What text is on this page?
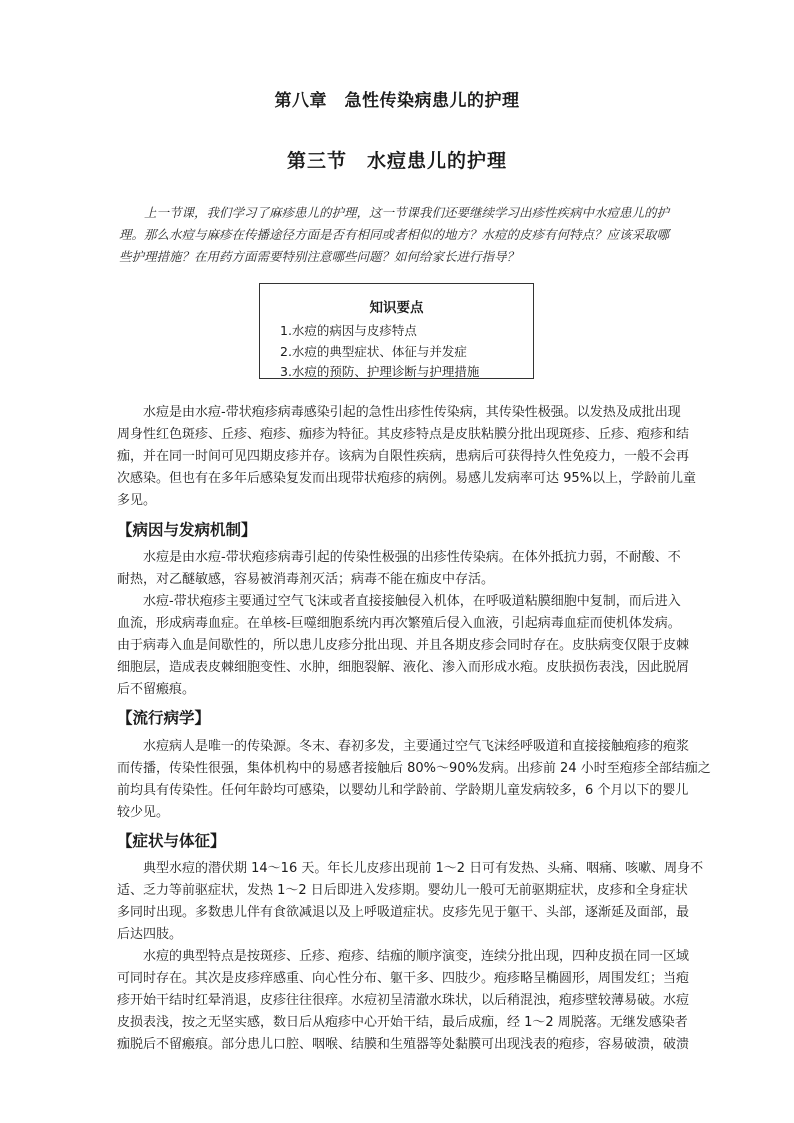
第八章　急性传染病患儿的护理
第三节　水痘患儿的护理
　　上一节课，我们学习了麻疹患儿的护理，这一节课我们还要继续学习出疹性疾病中水痘患儿的护
理。那么水痘与麻疹在传播途径方面是否有相同或者相似的地方？水痘的皮疹有何特点？应该采取哪
些护理措施？在用药方面需要特别注意哪些问题？如何给家长进行指导？
知识要点
1.水痘的病因与皮疹特点
2.水痘的典型症状、体征与并发症
3.水痘的预防、护理诊断与护理措施
　　水痘是由水痘-带状疱疹病毒感染引起的急性出疹性传染病，其传染性极强。以发热及成批出现
周身性红色斑疹、丘疹、疱疹、痂疹为特征。其皮疹特点是皮肤粘膜分批出现斑疹、丘疹、疱疹和结
痂，并在同一时间可见四期皮疹并存。该病为自限性疾病，患病后可获得持久性免疫力，一般不会再
次感染。但也有在多年后感染复发而出现带状疱疹的病例。易感儿发病率可达 95%以上，学龄前儿童
多见。
【病因与发病机制】
　　水痘是由水痘-带状疱疹病毒引起的传染性极强的出疹性传染病。在体外抵抗力弱，不耐酸、不
耐热，对乙醚敏感，容易被消毒剂灭活；病毒不能在痂皮中存活。
　　水痘-带状疱疹主要通过空气飞沫或者直接接触侵入机体，在呼吸道粘膜细胞中复制，而后进入
血流，形成病毒血症。在单核-巨噬细胞系统内再次繁殖后侵入血液，引起病毒血症而使机体发病。
由于病毒入血是间歇性的，所以患儿皮疹分批出现、并且各期皮疹会同时存在。皮肤病变仅限于皮棘
细胞层，造成表皮棘细胞变性、水肿，细胞裂解、液化、渗入而形成水疱。皮肤损伤表浅，因此脱屑
后不留瘢痕。
【流行病学】
　　水痘病人是唯一的传染源。冬末、春初多发，主要通过空气飞沫经呼吸道和直接接触疱疹的疱浆
而传播，传染性很强，集体机构中的易感者接触后 80%～90%发病。出疹前 24 小时至疱疹全部结痂之
前均具有传染性。任何年龄均可感染，以婴幼儿和学龄前、学龄期儿童发病较多，6 个月以下的婴儿
较少见。
【症状与体征】
　　典型水痘的潜伏期 14～16 天。年长儿皮疹出现前 1～2 日可有发热、头痛、咽痛、咳嗽、周身不
适、乏力等前驱症状，发热 1～2 日后即进入发疹期。婴幼儿一般可无前驱期症状，皮疹和全身症状
多同时出现。多数患儿伴有食欲减退以及上呼吸道症状。皮疹先见于躯干、头部，逐渐延及面部，最
后达四肢。
　　水痘的典型特点是按斑疹、丘疹、疱疹、结痂的顺序演变，连续分批出现，四种皮损在同一区域
可同时存在。其次是皮疹痒感重、向心性分布、躯干多、四肢少。疱疹略呈椭圆形，周围发红；当疱
疹开始干结时红晕消退，皮疹往往很痒。水痘初呈清澈水珠状，以后稍混浊，疱疹壁较薄易破。水痘
皮损表浅，按之无坚实感，数日后从疱疹中心开始干结，最后成痂，经 1～2 周脱落。无继发感染者
痂脱后不留瘢痕。部分患儿口腔、咽喉、结膜和生殖器等处黏膜可出现浅表的疱疹，容易破溃，破溃
